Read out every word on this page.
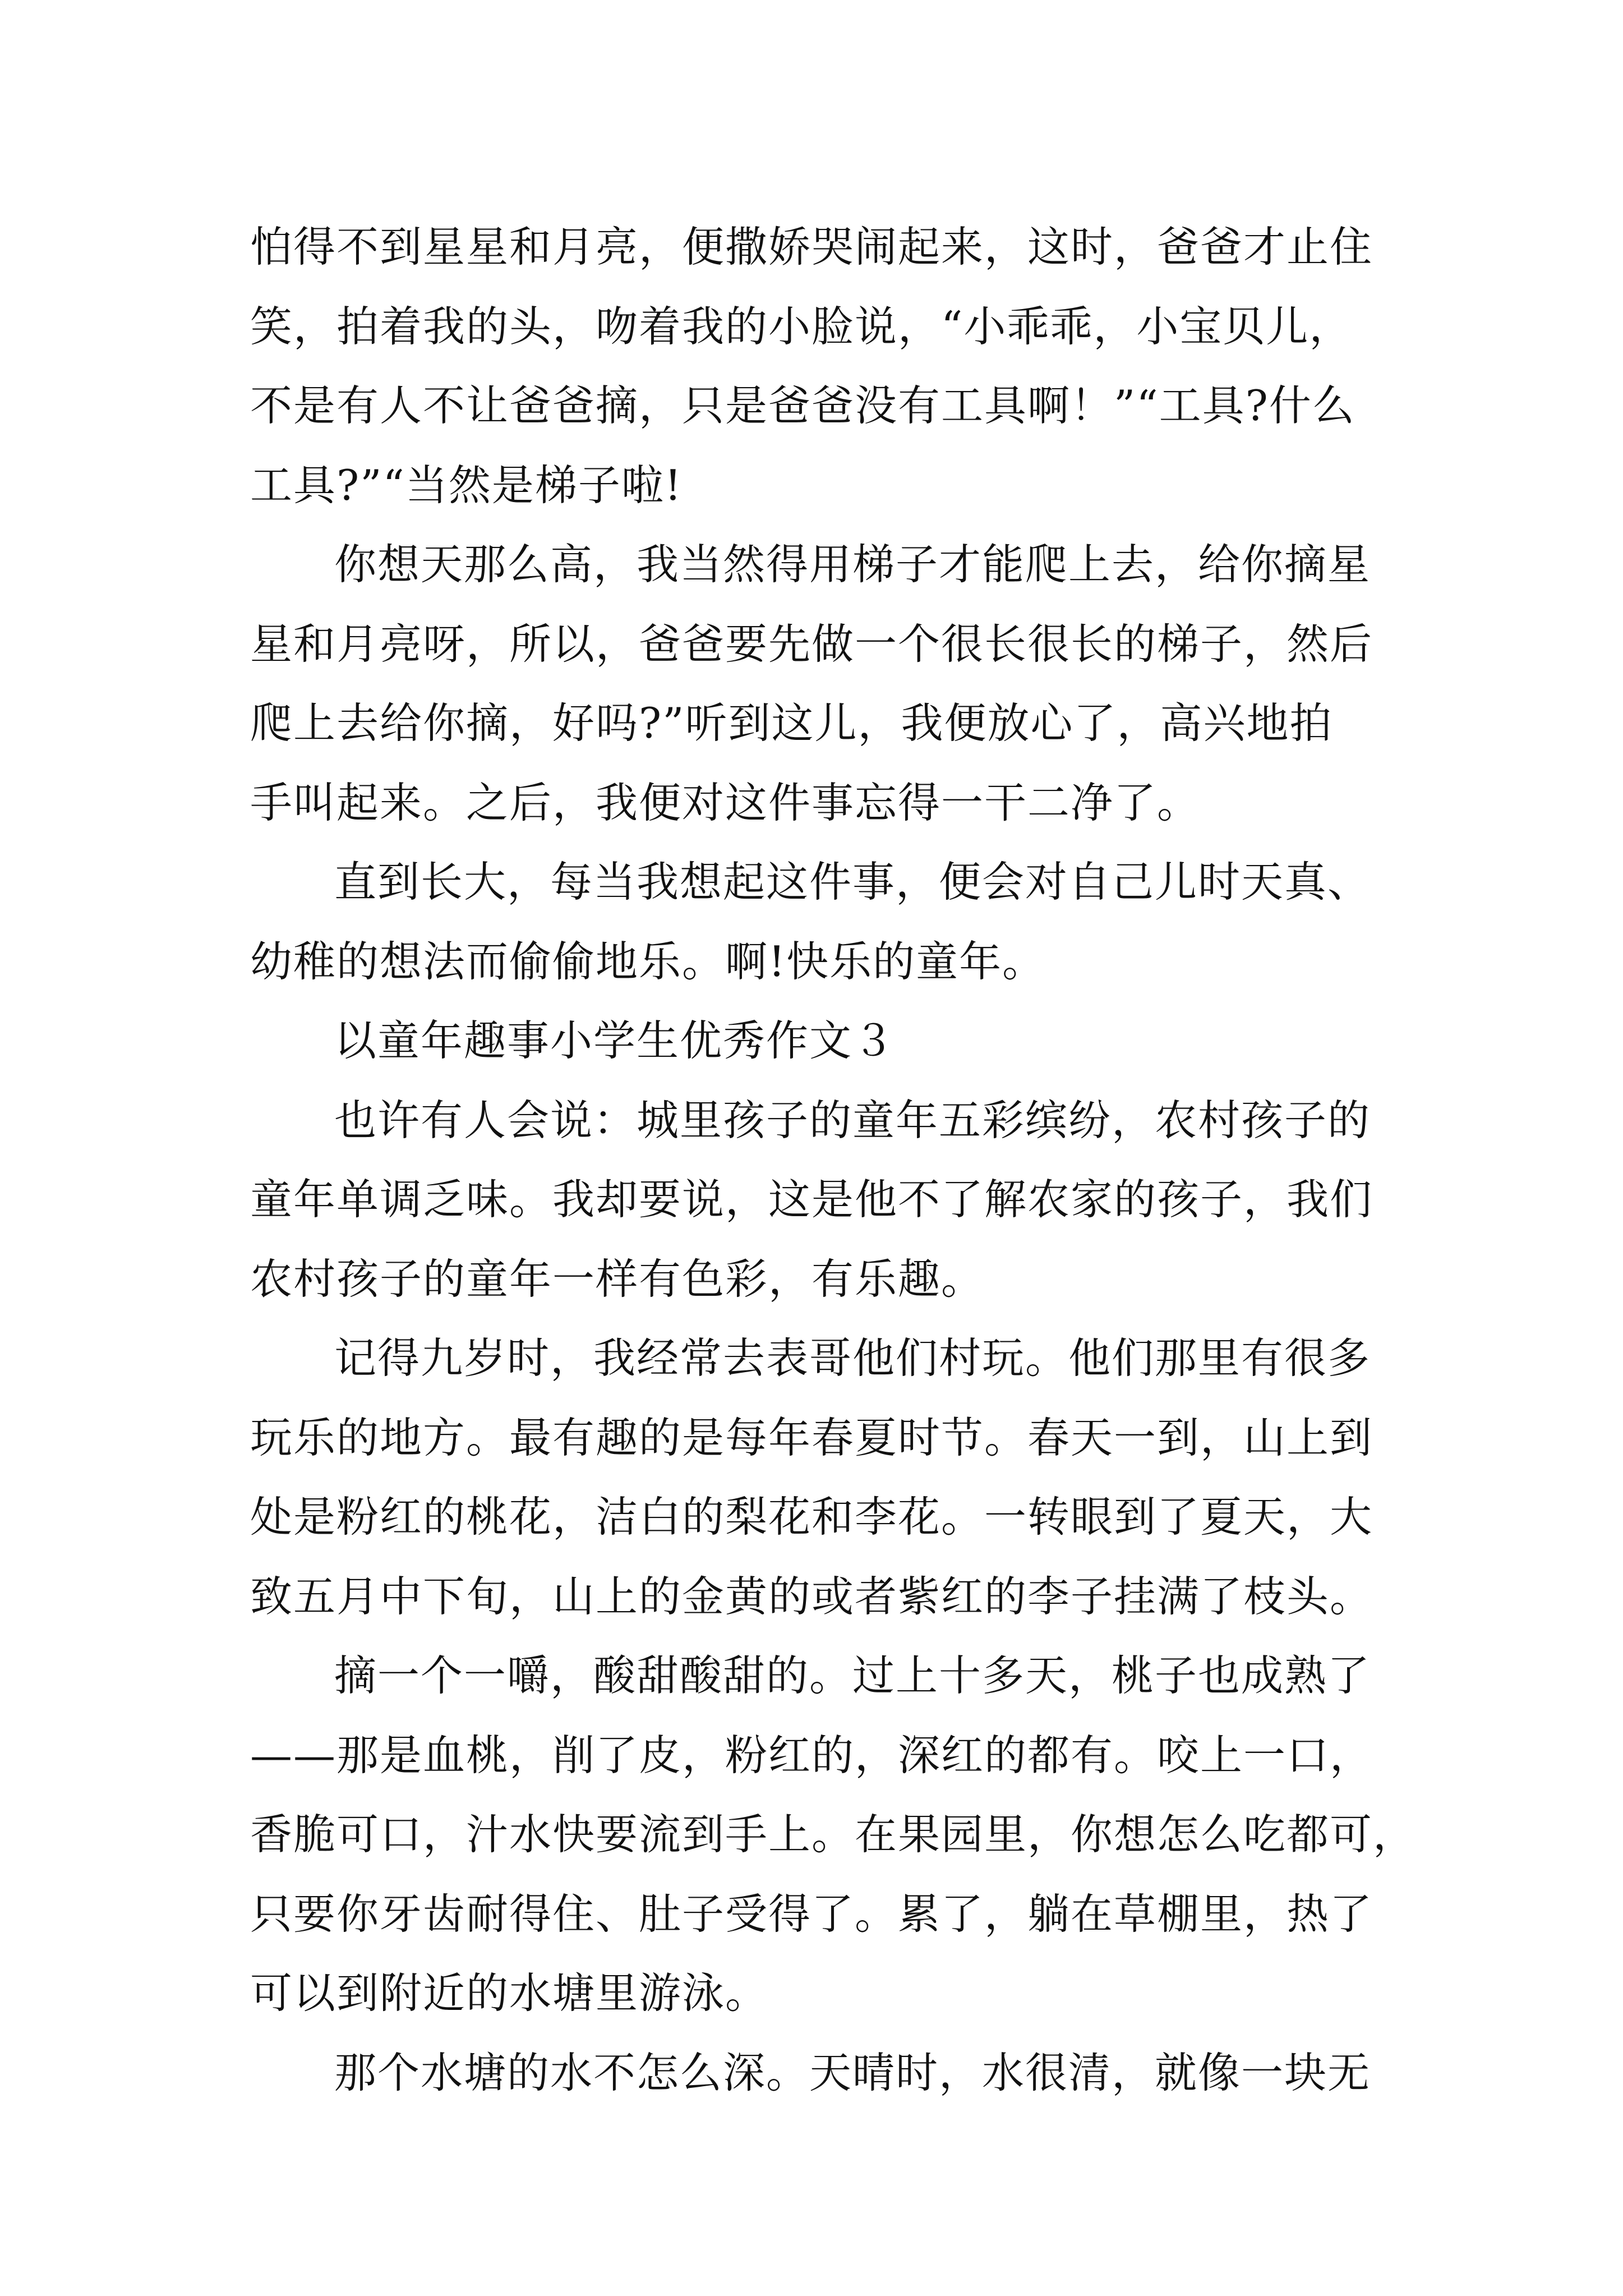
怕得不到星星和月亮，便撒娇哭闹起来，这时，爸爸才止住
笑，拍着我的头，吻着我的小脸说，“小乖乖，小宝贝儿，
不是有人不让爸爸摘，只是爸爸没有工具啊！”“工具?什么
工具?”“当然是梯子啦!
你想天那么高，我当然得用梯子才能爬上去，给你摘星
星和月亮呀，所以，爸爸要先做一个很长很长的梯子，然后
爬上去给你摘，好吗?”听到这儿，我便放心了，高兴地拍
手叫起来。之后，我便对这件事忘得一干二净了。
直到长大，每当我想起这件事，便会对自己儿时天真、
幼稚的想法而偷偷地乐。啊!快乐的童年。
以童年趣事小学生优秀作文３
也许有人会说：城里孩子的童年五彩缤纷，农村孩子的
童年单调乏味。我却要说，这是他不了解农家的孩子，我们
农村孩子的童年一样有色彩，有乐趣。
记得九岁时，我经常去表哥他们村玩。他们那里有很多
玩乐的地方。最有趣的是每年春夏时节。春天一到，山上到
处是粉红的桃花，洁白的梨花和李花。一转眼到了夏天，大
致五月中下旬，山上的金黄的或者紫红的李子挂满了枝头。
摘一个一嚼，酸甜酸甜的。过上十多天，桃子也成熟了
——那是血桃，削了皮，粉红的，深红的都有。咬上一口，
香脆可口，汁水快要流到手上。在果园里，你想怎么吃都可，
只要你牙齿耐得住、肚子受得了。累了，躺在草棚里，热了
可以到附近的水塘里游泳。
那个水塘的水不怎么深。天晴时，水很清，就像一块无
